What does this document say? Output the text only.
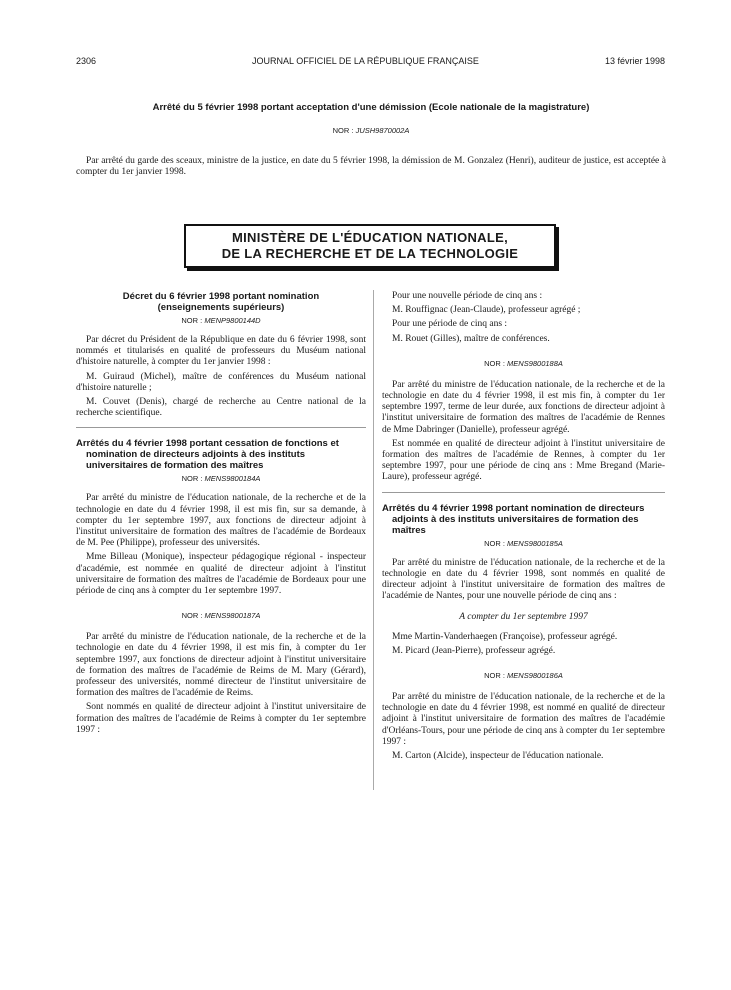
2306	JOURNAL OFFICIEL DE LA RÉPUBLIQUE FRANÇAISE	13 février 1998
Arrêté du 5 février 1998 portant acceptation d'une démission (Ecole nationale de la magistrature)
NOR : JUSH9870002A

Par arrêté du garde des sceaux, ministre de la justice, en date du 5 février 1998, la démission de M. Gonzalez (Henri), auditeur de justice, est acceptée à compter du 1er janvier 1998.

MINISTÈRE DE L'ÉDUCATION NATIONALE,
DE LA RECHERCHE ET DE LA TECHNOLOGIE
Décret du 6 février 1998 portant nomination
(enseignements supérieurs)
NOR : MENP9800144D

Par décret du Président de la République en date du 6 février 1998, sont nommés et titularisés en qualité de professeurs du Muséum national d'histoire naturelle, à compter du 1er janvier 1998 :

M. Guiraud (Michel), maître de conférences du Muséum national d'histoire naturelle ;

M. Couvet (Denis), chargé de recherche au Centre national de la recherche scientifique.

Arrêtés du 4 février 1998 portant cessation de fonctions et nomination de directeurs adjoints à des instituts universitaires de formation des maîtres
NOR : MENS9800184A

Par arrêté du ministre de l'éducation nationale, de la recherche et de la technologie en date du 4 février 1998, il est mis fin, sur sa demande, à compter du 1er septembre 1997, aux fonctions de directeur adjoint à l'institut universitaire de formation des maîtres de l'académie de Bordeaux de M. Pee (Philippe), professeur des universités.

Mme Billeau (Monique), inspecteur pédagogique régional - inspecteur d'académie, est nommée en qualité de directeur adjoint à l'institut universitaire de formation des maîtres de l'académie de Bordeaux pour une période de cinq ans à compter du 1er septembre 1997.

NOR : MENS9800187A

Par arrêté du ministre de l'éducation nationale, de la recherche et de la technologie en date du 4 février 1998, il est mis fin, à compter du 1er septembre 1997, aux fonctions de directeur adjoint à l'institut universitaire de formation des maîtres de l'académie de Reims de M. Mary (Gérard), professeur des universités, nommé directeur de l'institut universitaire de formation des maîtres de l'académie de Reims.

Sont nommés en qualité de directeur adjoint à l'institut universitaire de formation des maîtres de l'académie de Reims à compter du 1er septembre 1997 :

Pour une nouvelle période de cinq ans :

M. Rouffignac (Jean-Claude), professeur agrégé ;

Pour une période de cinq ans :

M. Rouet (Gilles), maître de conférences.

NOR : MENS9800188A

Par arrêté du ministre de l'éducation nationale, de la recherche et de la technologie en date du 4 février 1998, il est mis fin, à compter du 1er septembre 1997, terme de leur durée, aux fonctions de directeur adjoint à l'institut universitaire de formation des maîtres de l'académie de Rennes de Mme Dabringer (Danielle), professeur agrégé.

Est nommée en qualité de directeur adjoint à l'institut universitaire de formation des maîtres de l'académie de Rennes, à compter du 1er septembre 1997, pour une période de cinq ans : Mme Bregand (Marie-Laure), professeur agrégé.

Arrêtés du 4 février 1998 portant nomination de directeurs adjoints à des instituts universitaires de formation des maîtres
NOR : MENS9800185A

Par arrêté du ministre de l'éducation nationale, de la recherche et de la technologie en date du 4 février 1998, sont nommés en qualité de directeur adjoint à l'institut universitaire de formation des maîtres de l'académie de Nantes, pour une nouvelle période de cinq ans :

A compter du 1er septembre 1997

Mme Martin-Vanderhaegen (Françoise), professeur agrégé.

M. Picard (Jean-Pierre), professeur agrégé.

NOR : MENS9800186A

Par arrêté du ministre de l'éducation nationale, de la recherche et de la technologie en date du 4 février 1998, est nommé en qualité de directeur adjoint à l'institut universitaire de formation des maîtres de l'académie d'Orléans-Tours, pour une période de cinq ans à compter du 1er septembre 1997 :

M. Carton (Alcide), inspecteur de l'éducation nationale.
